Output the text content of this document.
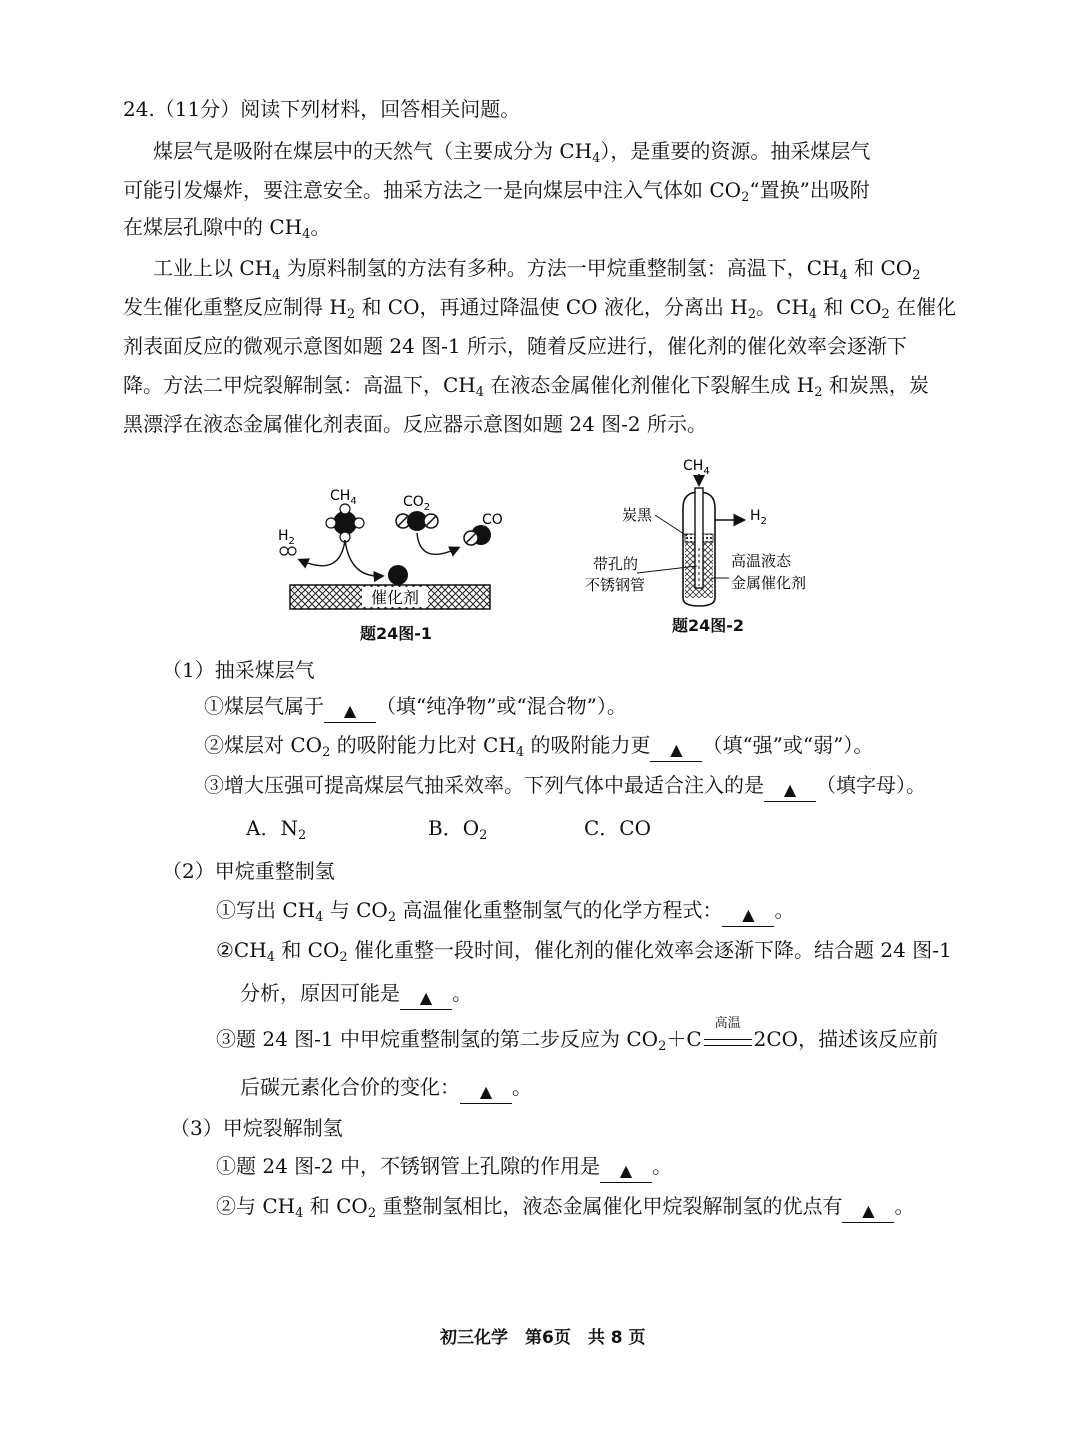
24.（11分）阅读下列材料，回答相关问题。
煤层气是吸附在煤层中的天然气（主要成分为 $CH_4$），是重要的资源。抽采煤层气
可能引发爆炸，要注意安全。抽采方法之一是向煤层中注入气体如 $CO_2“$置换”出吸附
在煤层孔隙中的 $CH_4$。
工业上以 $CH_4$ 为原料制氢的方法有多种。方法一甲烷重整制氢：高温下，$CH_4$ 和 $CO_2$
发生催化重整反应制得 $H_2$ 和 CO，再通过降温使 CO 液化，分离出 $H_2$。$CH_4$ 和 $CO_2$ 在催化
剂表面反应的微观示意图如题 24 图-1 所示，随着反应进行，催化剂的催化效率会逐渐下
降。方法二甲烷裂解制氢：高温下，$CH_4$ 在液态金属催化剂催化下裂解生成 $H_2$ 和炭黑，炭
黑漂浮在液态金属催化剂表面。反应器示意图如题 24 图-2 所示。
$CH_4$	$CO_2$
CO
$H_2$
催化剂
题24图-1
$CH_4$
$H_2$
炭黑
带孔的
不锈钢管
高温液态
金属催化剂
题24图-2
（1）抽采煤层气
①煤层气属于 ▲ （填“纯净物”或“混合物”）。
②煤层对 $CO_2$ 的吸附能力比对 $CH_4$ 的吸附能力更 ▲ （填“强”或“弱”）。
③增大压强可提高煤层气抽采效率。下列气体中最适合注入的是 ▲ （填字母）。
A．$N_2$	B．$O_2$	C．CO
（2）甲烷重整制氢
①写出 $CH_4$ 与 $CO_2$ 高温催化重整制氢气的化学方程式： ▲ 。
$②CH_4$ 和 $CO_2$ 催化重整一段时间，催化剂的催化效率会逐渐下降。结合题 24 图-1
分析，原因可能是 ▲ 。
③题 24 图-1 中甲烷重整制氢的第二步反应为 $CO_2+C$
高温
2CO，描述该反应前
后碳元素化合价的变化： ▲ 。
（3）甲烷裂解制氢
①题 24 图-2 中，不锈钢管上孔隙的作用是 ▲ 。
②与 $CH_4$ 和 $CO_2$ 重整制氢相比，液态金属催化甲烷裂解制氢的优点有 ▲ 。
初三化学　第6页　共 8 页
